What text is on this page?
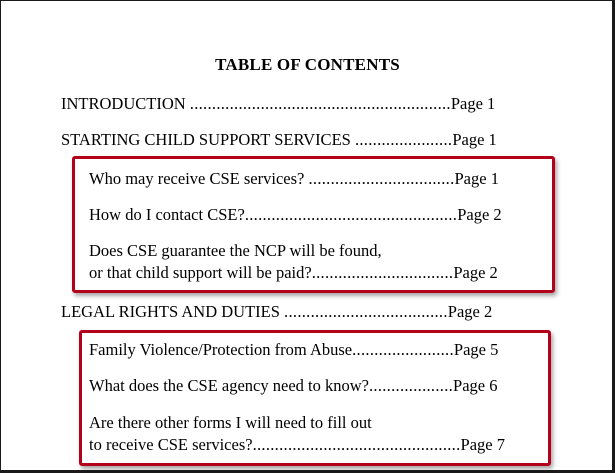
TABLE OF CONTENTS
INTRODUCTION ...........................................................Page 1
STARTING CHILD SUPPORT SERVICES ......................Page 1
Who may receive CSE services? .................................Page 1
How do I contact CSE?................................................Page 2
Does CSE guarantee the NCP will be found,
or that child support will be paid?................................Page 2
LEGAL RIGHTS AND DUTIES .....................................Page 2
Family Violence/Protection from Abuse.......................Page 5
What does the CSE agency need to know?...................Page 6
Are there other forms I will need to fill out
to receive CSE services?...............................................Page 7
